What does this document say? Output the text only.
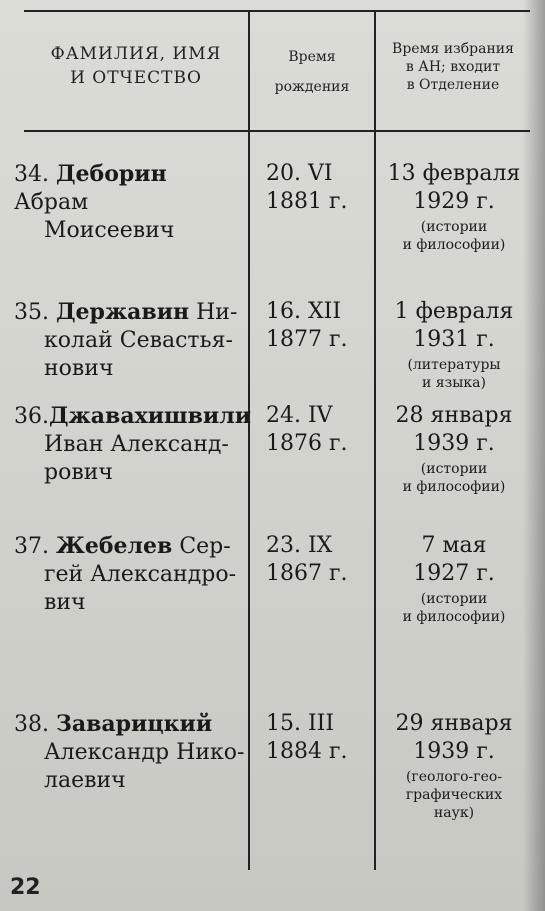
ФАМИЛИЯ, ИМЯ
И ОТЧЕСТВО
Время
рождения
Время избрания
в АН; входит
в Отделение
34. Деборин Абрам
Моисеевич
20. VI
1881 г.
13 февраля
1929 г.
(истории
и философии)
35. Державин Ни-
колай Севастья-
нович
16. XII
1877 г.
1 февраля
1931 г.
(литературы
и языка)
36.Джавахишвили
Иван Александ-
рович
24. IV
1876 г.
28 января
1939 г.
(истории
и философии)
37. Жебелев Сер-
гей Александро-
вич
23. IX
1867 г.
7 мая
1927 г.
(истории
и философии)
38. Заварицкий
Александр Нико-
лаевич
15. III
1884 г.
29 января
1939 г.
(геолого-гео-
графических
наук)
22
